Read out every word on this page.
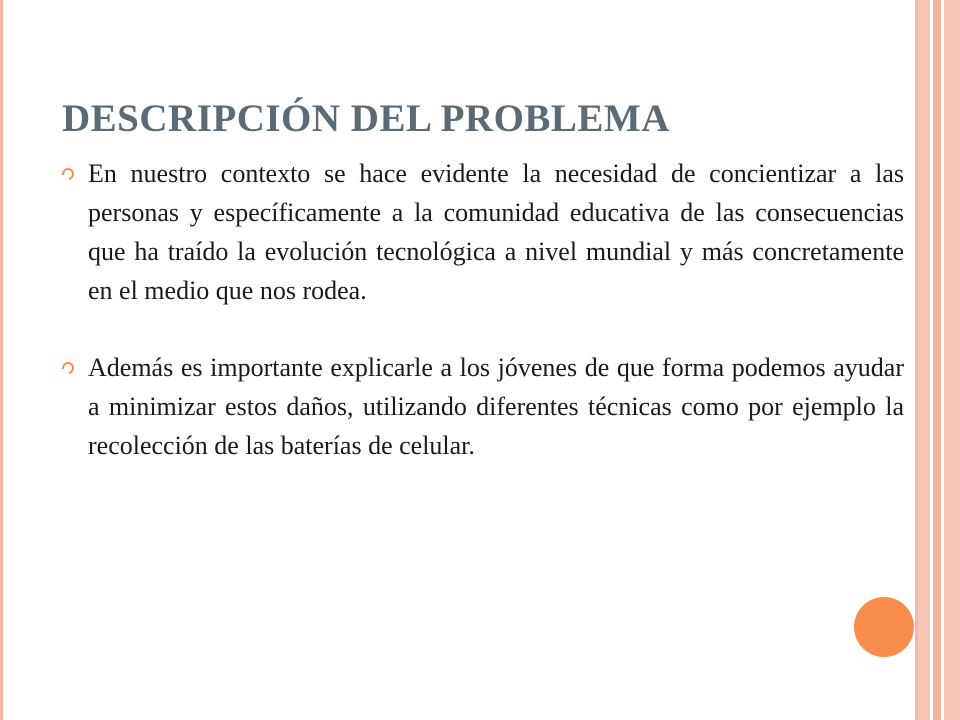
DESCRIPCIÓN DEL PROBLEMA
En nuestro contexto se hace evidente la necesidad de concientizar a las personas y específicamente a la comunidad educativa de las consecuencias que ha traído la evolución tecnológica a nivel mundial y más concretamente en el medio que nos rodea.
Además es importante explicarle a los jóvenes de que forma podemos ayudar a minimizar estos daños, utilizando diferentes técnicas como por ejemplo la recolección de las baterías de celular.
